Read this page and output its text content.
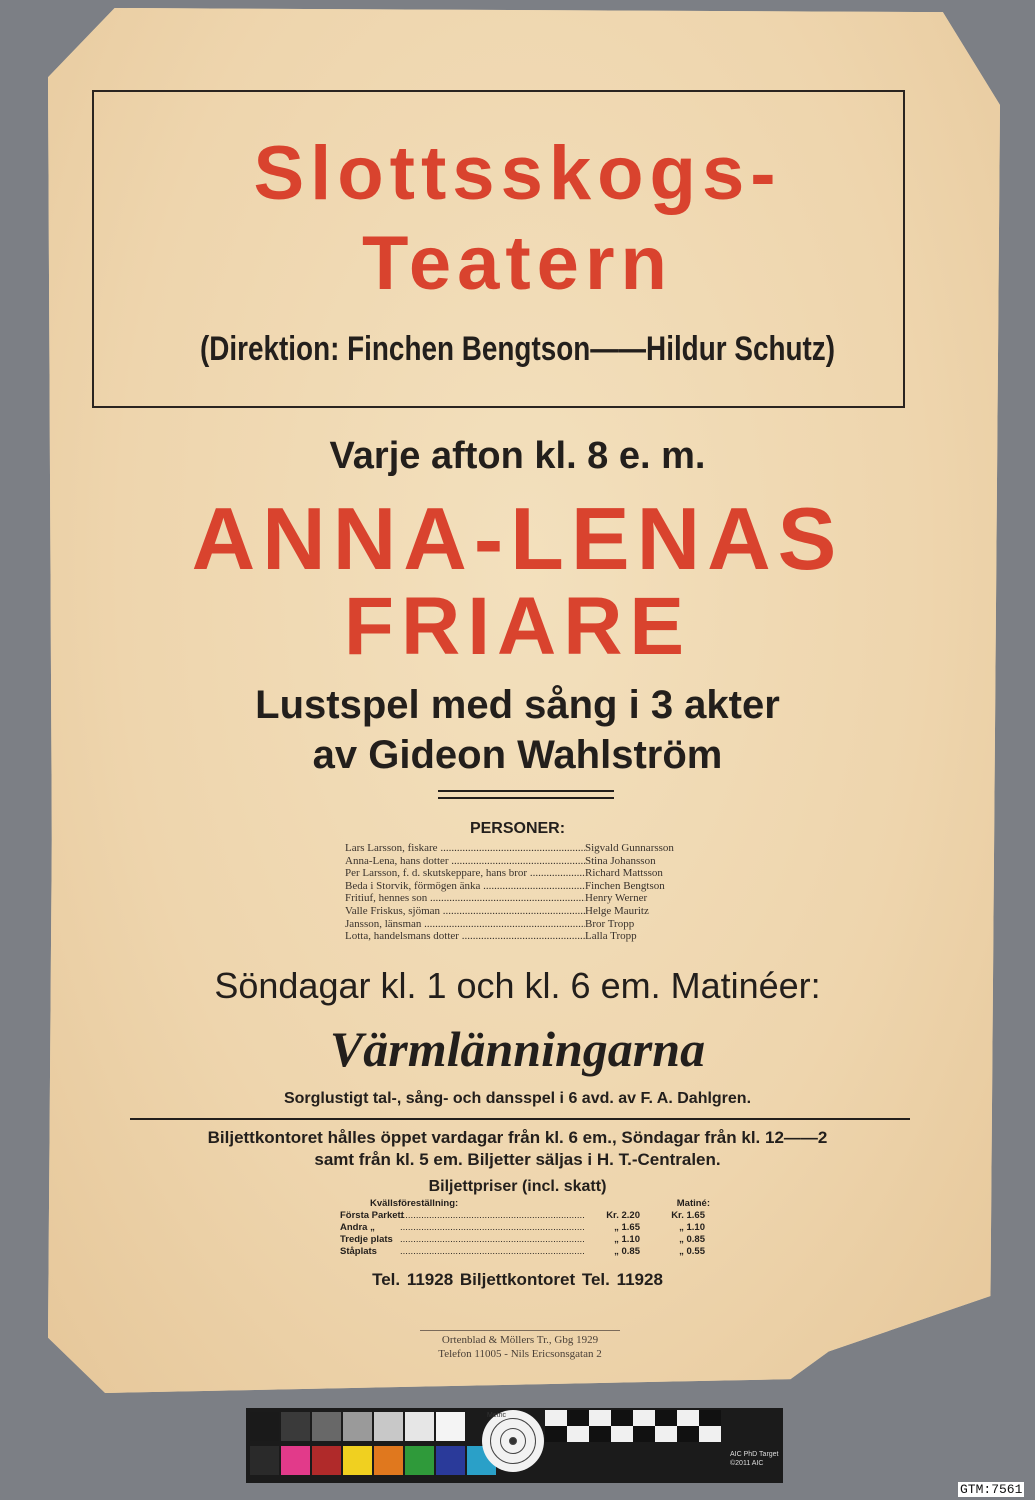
Slottsskogs-
Teatern
(Direktion: Finchen Bengtson——Hildur Schutz)
Varje afton kl. 8 e. m.
ANNA-LENAS
FRIARE
Lustspel med sång i 3 akter
av Gideon Wahlström
PERSONER:
Lars Larsson, fiskare .....	Sigvald Gunnarsson
Anna-Lena, hans dotter .....	Stina Johansson
Per Larsson, f. d. skutskeppare, hans bror .....	Richard Mattsson
Beda i Storvik, förmögen änka .....	Finchen Bengtson
Fritiuf, hennes son .....	Henry Werner
Valle Friskus, sjöman .....	Helge Mauritz
Jansson, länsman .....	Bror Tropp
Lotta, handelsmans dotter .....	Lalla Tropp
Söndagar kl. 1 och kl. 6 em. Matinéer:
Värmlänningarna
Sorglustigt tal-, sång- och dansspel i 6 avd. av F. A. Dahlgren.
Biljettkontoret hålles öppet vardagar från kl. 6 em., Söndagar från kl. 12——2
samt från kl. 5 em. Biljetter säljas i H. T.-Centralen.
Biljettpriser (incl. skatt)
Kvällsföreställning:	Matiné:
Första Parkett .....	Kr. 2.20	Kr. 1.65
Andra „ .....	„ 1.65	„ 1.10
Tredje plats .....	„ 1.10	„ 0.85
Ståplats .....	„ 0.85	„ 0.55
Tel. 11928 Biljettkontoret Tel. 11928
Ortenblad & Möllers Tr., Gbg 1929
Telefon 11005 - Nils Ericsonsgatan 2
Metric
AIC PhD Target
©2011 AIC
GTM:7561
